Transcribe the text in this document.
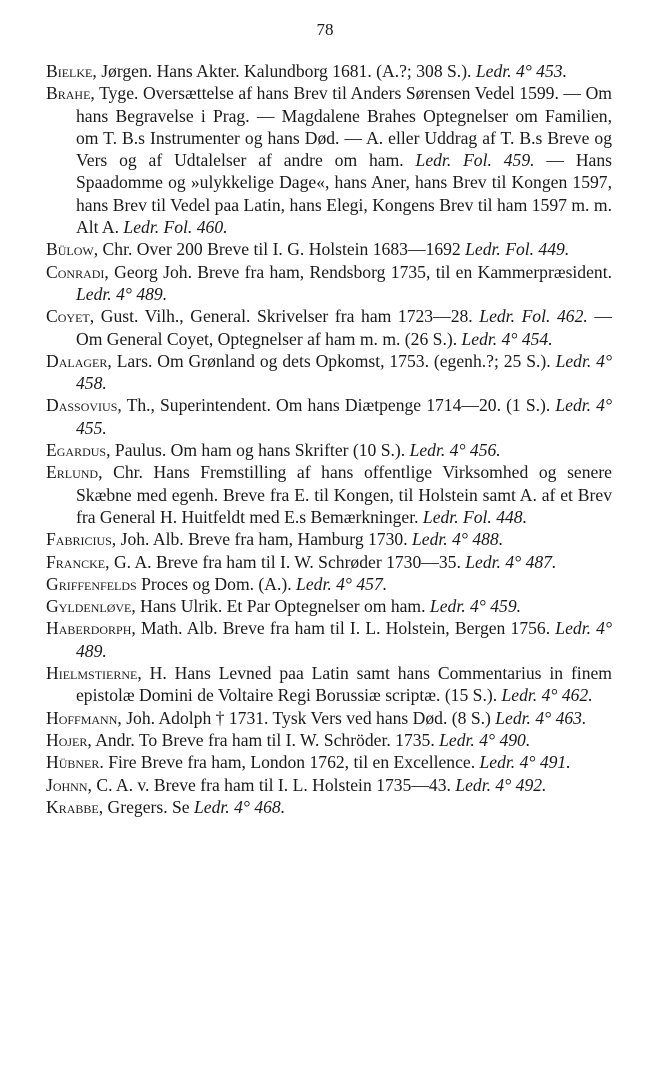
78

Bielke, Jørgen. Hans Akter. Kalundborg 1681. (A.?; 308 S.). Ledr. 4° 453.

Brahe, Tyge. Oversættelse af hans Brev til Anders Sørensen Vedel 1599. — Om hans Begravelse i Prag. — Magdalene Brahes Optegnelser om Familien, om T. B.s Instrumenter og hans Død. — A. eller Uddrag af T. B.s Breve og Vers og af Udtalelser af andre om ham. Ledr. Fol. 459. — Hans Spaadomme og »ulykkelige Dage«, hans Aner, hans Brev til Kongen 1597, hans Brev til Vedel paa Latin, hans Elegi, Kongens Brev til ham 1597 m. m. Alt A. Ledr. Fol. 460.

Bülow, Chr. Over 200 Breve til I. G. Holstein 1683—1692 Ledr. Fol. 449.

Conradi, Georg Joh. Breve fra ham, Rendsborg 1735, til en Kammerpræsident. Ledr. 4° 489.

Coyet, Gust. Vilh., General. Skrivelser fra ham 1723—28. Ledr. Fol. 462. — Om General Coyet, Optegnelser af ham m. m. (26 S.). Ledr. 4° 454.

Dalager, Lars. Om Grønland og dets Opkomst, 1753. (egenh.?; 25 S.). Ledr. 4° 458.

Dassovius, Th., Superintendent. Om hans Diætpenge 1714—20. (1 S.). Ledr. 4° 455.

Egardus, Paulus. Om ham og hans Skrifter (10 S.). Ledr. 4° 456.

Erlund, Chr. Hans Fremstilling af hans offentlige Virksomhed og senere Skæbne med egenh. Breve fra E. til Kongen, til Holstein samt A. af et Brev fra General H. Huitfeldt med E.s Bemærkninger. Ledr. Fol. 448.

Fabricius, Joh. Alb. Breve fra ham, Hamburg 1730. Ledr. 4° 488.

Francke, G. A. Breve fra ham til I. W. Schrøder 1730—35. Ledr. 4° 487.

Griffenfelds Proces og Dom. (A.). Ledr. 4° 457.

Gyldenløve, Hans Ulrik. Et Par Optegnelser om ham. Ledr. 4° 459.

Haberdorph, Math. Alb. Breve fra ham til I. L. Holstein, Bergen 1756. Ledr. 4° 489.

Hielmstierne, H. Hans Levned paa Latin samt hans Commentarius in finem epistolæ Domini de Voltaire Regi Borussiæ scriptæ. (15 S.). Ledr. 4° 462.

Hoffmann, Joh. Adolph † 1731. Tysk Vers ved hans Død. (8 S.) Ledr. 4° 463.

Hojer, Andr. To Breve fra ham til I. W. Schröder. 1735. Ledr. 4° 490.

Hübner. Fire Breve fra ham, London 1762, til en Excellence. Ledr. 4° 491.

Johnn, C. A. v. Breve fra ham til I. L. Holstein 1735—43. Ledr. 4° 492.

Krabbe, Gregers. Se Ledr. 4° 468.
